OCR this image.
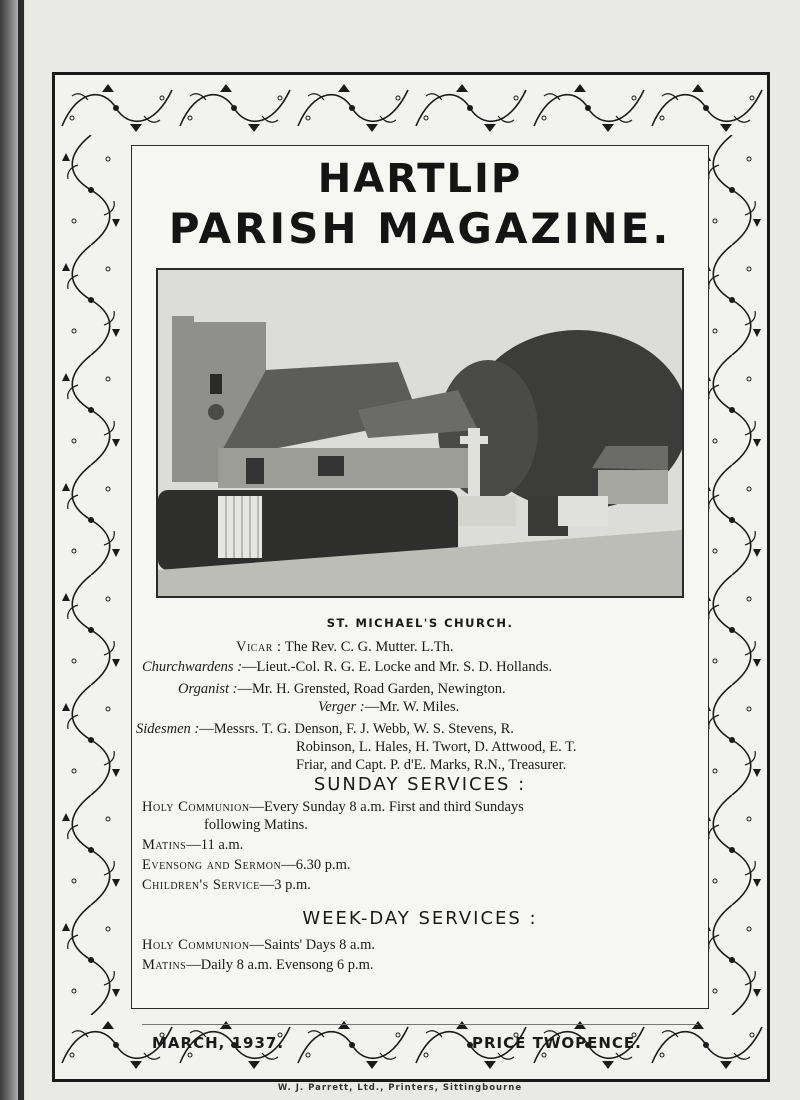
HARTLIP
PARISH MAGAZINE.
ST. MICHAEL'S CHURCH.
Vicar : The Rev. C. G. Mutter. L.Th.
Churchwardens :—Lieut.-Col. R. G. E. Locke and Mr. S. D. Hollands.
Organist :—Mr. H. Grensted, Road Garden, Newington.
Verger :—Mr. W. Miles.
Sidesmen :—Messrs. T. G. Denson, F. J. Webb, W. S. Stevens, R.
Robinson, L. Hales, H. Twort, D. Attwood, E. T.
Friar, and Capt. P. d'E. Marks, R.N., Treasurer.
SUNDAY SERVICES :
Holy Communion—Every Sunday 8 a.m. First and third Sundays
following Matins.
Matins—11 a.m.
Evensong and Sermon—6.30 p.m.
Children's Service—3 p.m.
WEEK-DAY SERVICES :
Holy Communion—Saints' Days 8 a.m.
Matins—Daily 8 a.m. Evensong 6 p.m.
MARCH, 1937.	PRICE TWOPENCE.
W. J. Parrett, Ltd., Printers, Sittingbourne
